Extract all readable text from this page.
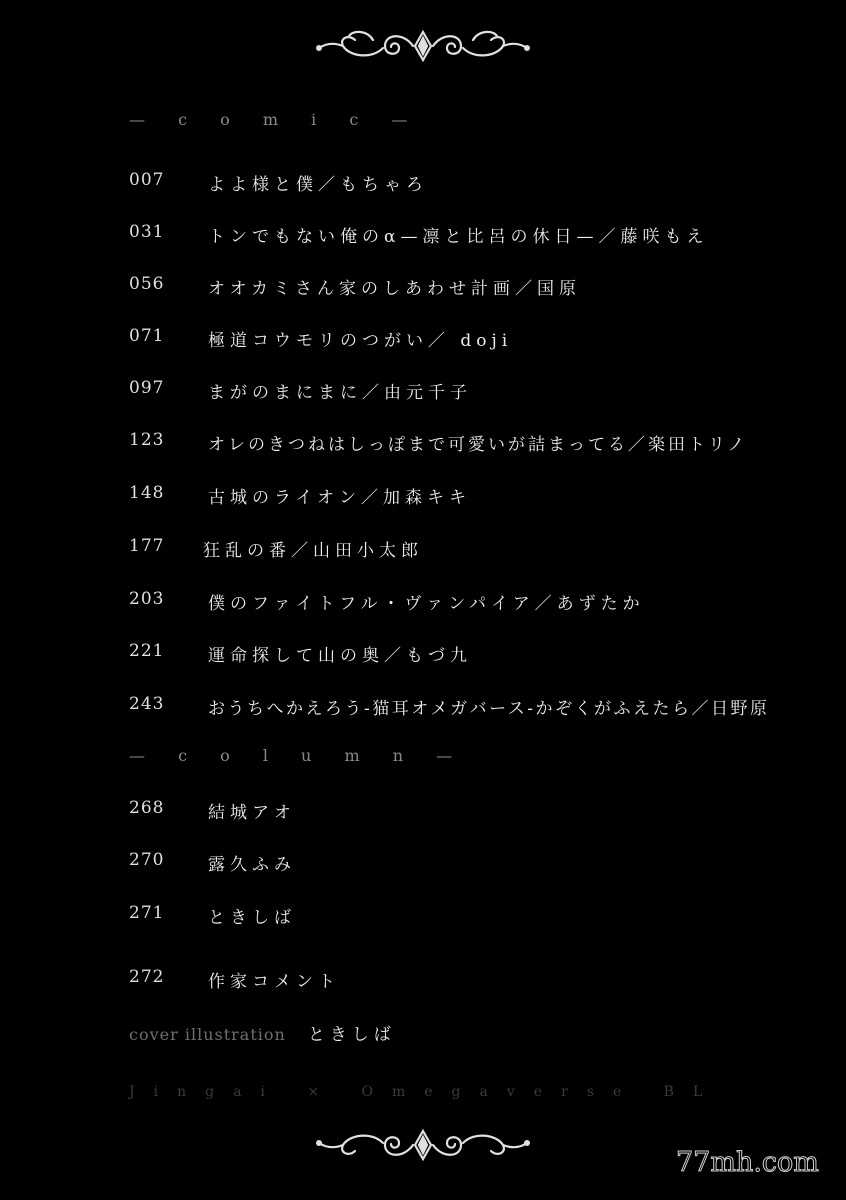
— c o m i c —
007	よよ様と僕／もちゃろ
031	トンでもない俺のα—凛と比呂の休日—／藤咲もえ
056	オオカミさん家のしあわせ計画／国原
071	極道コウモリのつがい／ doji
097	まがのまにまに／由元千子
123	オレのきつねはしっぽまで可愛いが詰まってる／楽田トリノ
148	古城のライオン／加森キキ
177	狂乱の番／山田小太郎
203	僕のファイトフル・ヴァンパイア／あずたか
221	運命探して山の奥／もづ九
243	おうちへかえろう-猫耳オメガバース-かぞくがふえたら／日野原
— c o l u m n —
268	結城アオ
270	露久ふみ
271	ときしば
272	作家コメント
cover illustration ときしば
Jingai × Omegaverse BL
77mh.com
